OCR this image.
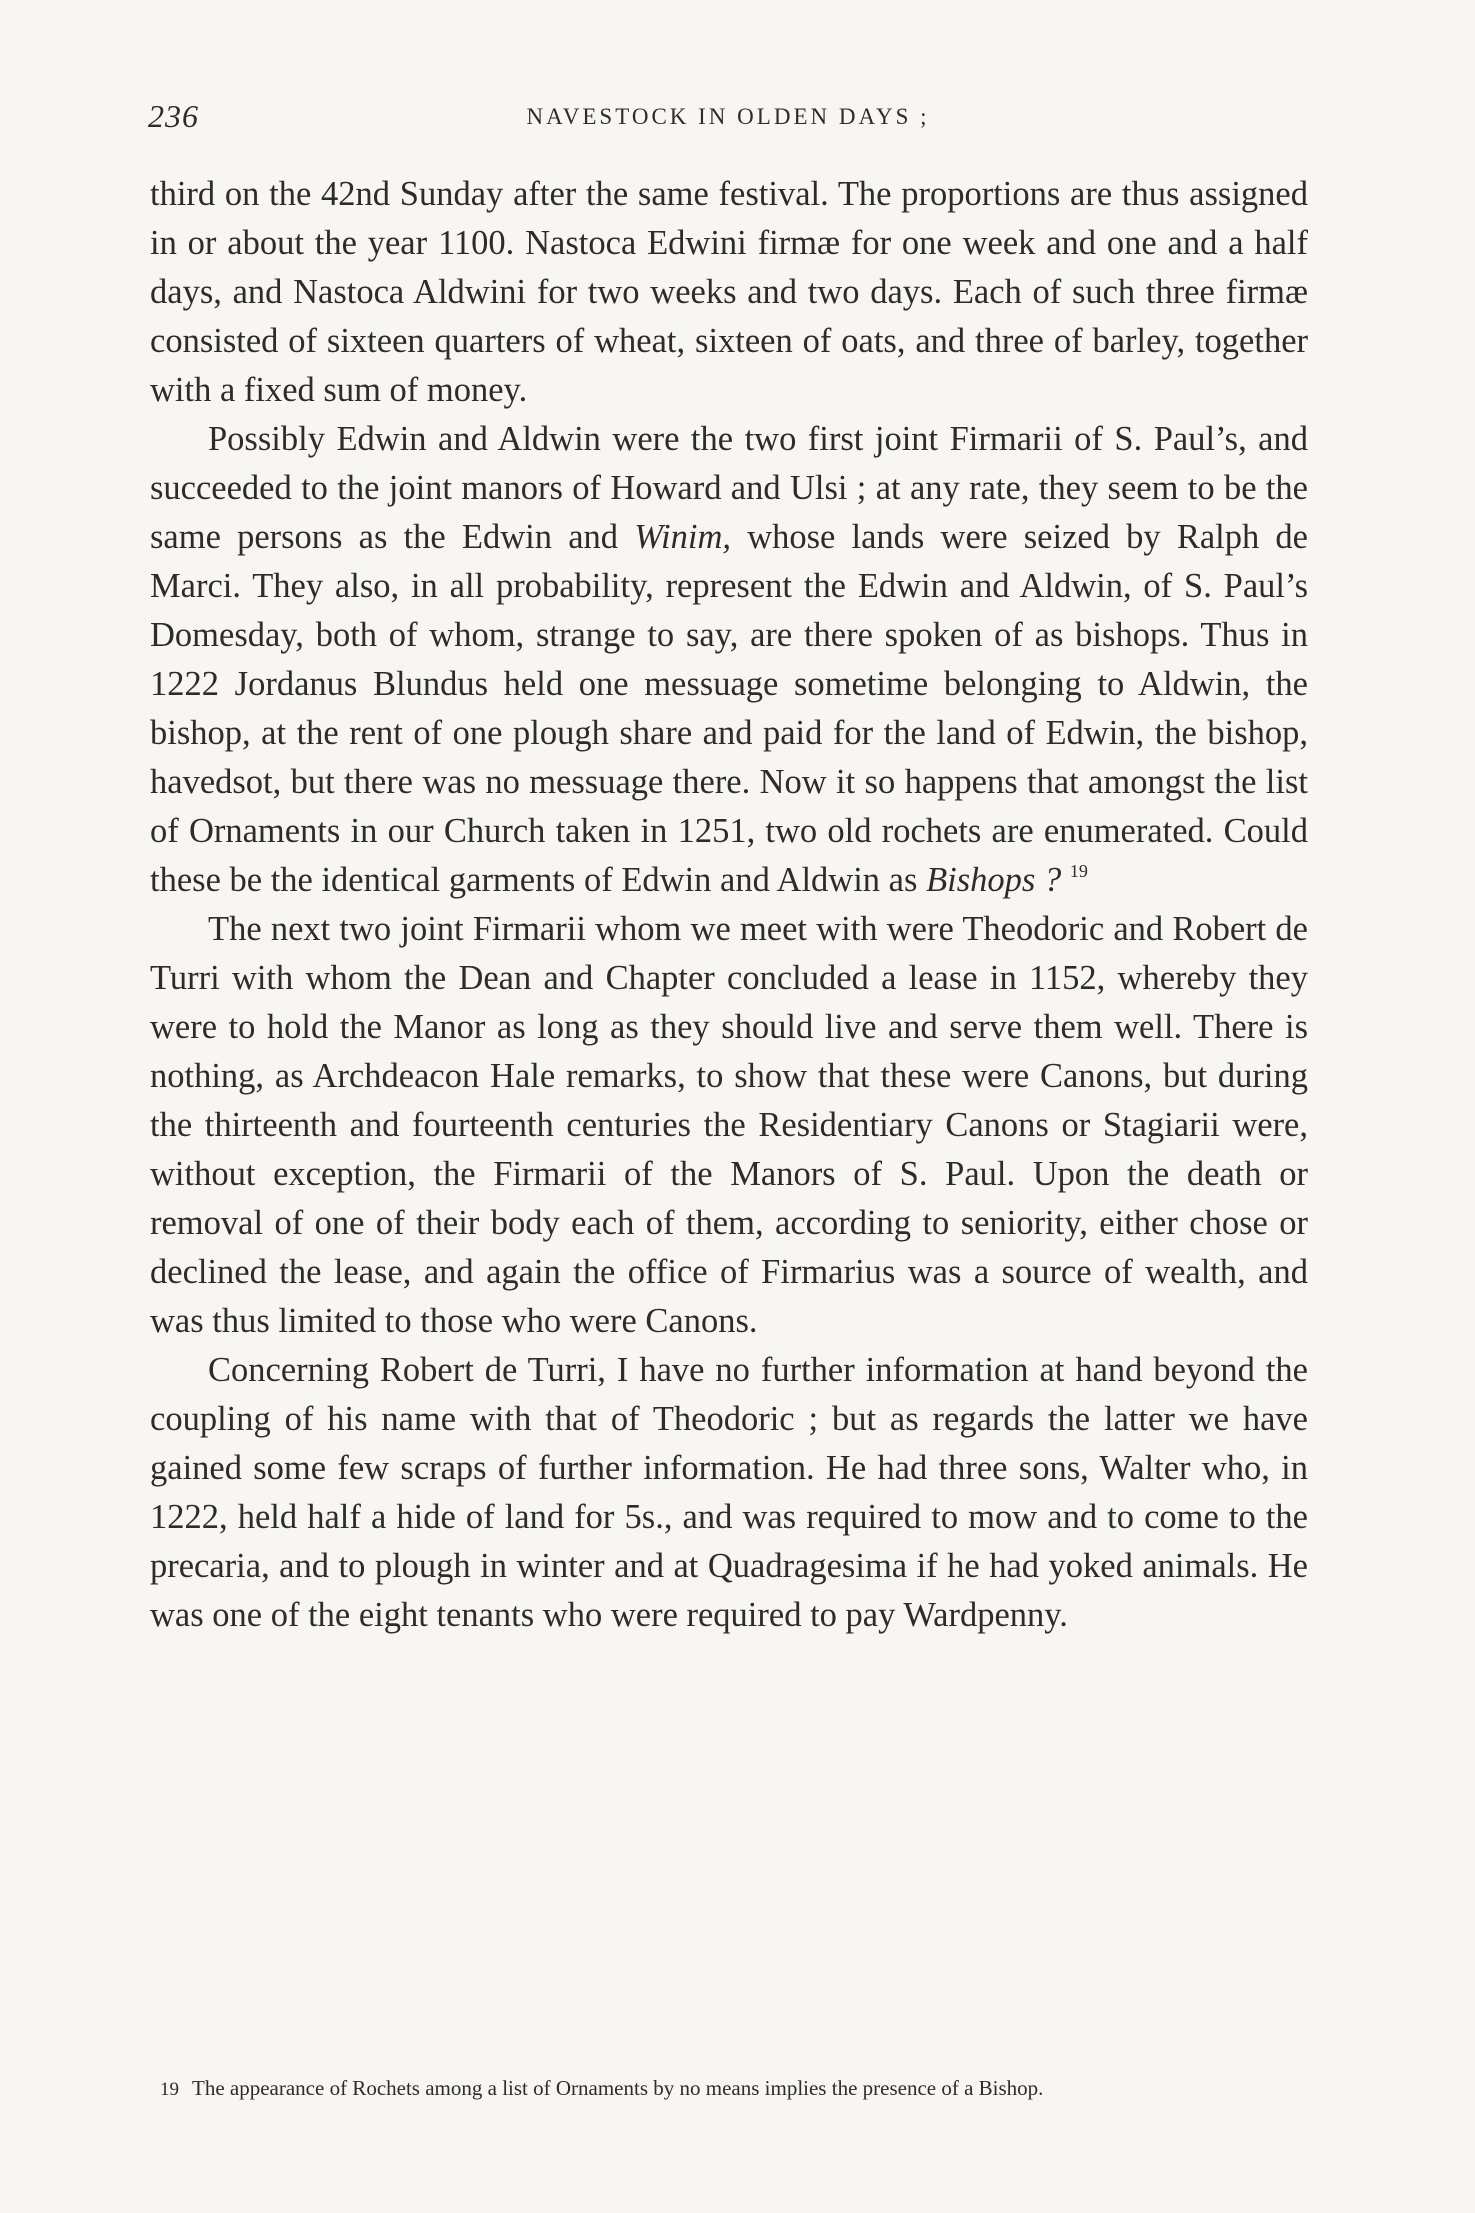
236	NAVESTOCK IN OLDEN DAYS ;

third on the 42nd Sunday after the same festival. The proportions are thus assigned in or about the year 1100. Nastoca Edwini firmæ for one week and one and a half days, and Nastoca Aldwini for two weeks and two days. Each of such three firmæ consisted of sixteen quarters of wheat, sixteen of oats, and three of barley, together with a fixed sum of money.

Possibly Edwin and Aldwin were the two first joint Firmarii of S. Paul’s, and succeeded to the joint manors of Howard and Ulsi ; at any rate, they seem to be the same persons as the Edwin and Winim, whose lands were seized by Ralph de Marci. They also, in all probability, represent the Edwin and Aldwin, of S. Paul’s Domesday, both of whom, strange to say, are there spoken of as bishops. Thus in 1222 Jordanus Blundus held one messuage sometime belonging to Aldwin, the bishop, at the rent of one plough share and paid for the land of Edwin, the bishop, havedsot, but there was no messuage there. Now it so happens that amongst the list of Ornaments in our Church taken in 1251, two old rochets are enumerated. Could these be the identical garments of Edwin and Aldwin as Bishops ? $^{19}$

The next two joint Firmarii whom we meet with were Theodoric and Robert de Turri with whom the Dean and Chapter concluded a lease in 1152, whereby they were to hold the Manor as long as they should live and serve them well. There is nothing, as Archdeacon Hale remarks, to show that these were Canons, but during the thirteenth and fourteenth centuries the Residentiary Canons or Stagiarii were, without exception, the Firmarii of the Manors of S. Paul. Upon the death or removal of one of their body each of them, according to seniority, either chose or declined the lease, and again the office of Firmarius was a source of wealth, and was thus limited to those who were Canons.

Concerning Robert de Turri, I have no further information at hand beyond the coupling of his name with that of Theodoric ; but as regards the latter we have gained some few scraps of further information. He had three sons, Walter who, in 1222, held half a hide of land for 5s., and was required to mow and to come to the precaria, and to plough in winter and at Quadragesima if he had yoked animals. He was one of the eight tenants who were required to pay Wardpenny.

19 The appearance of Rochets among a list of Ornaments by no means implies the presence of a Bishop.
